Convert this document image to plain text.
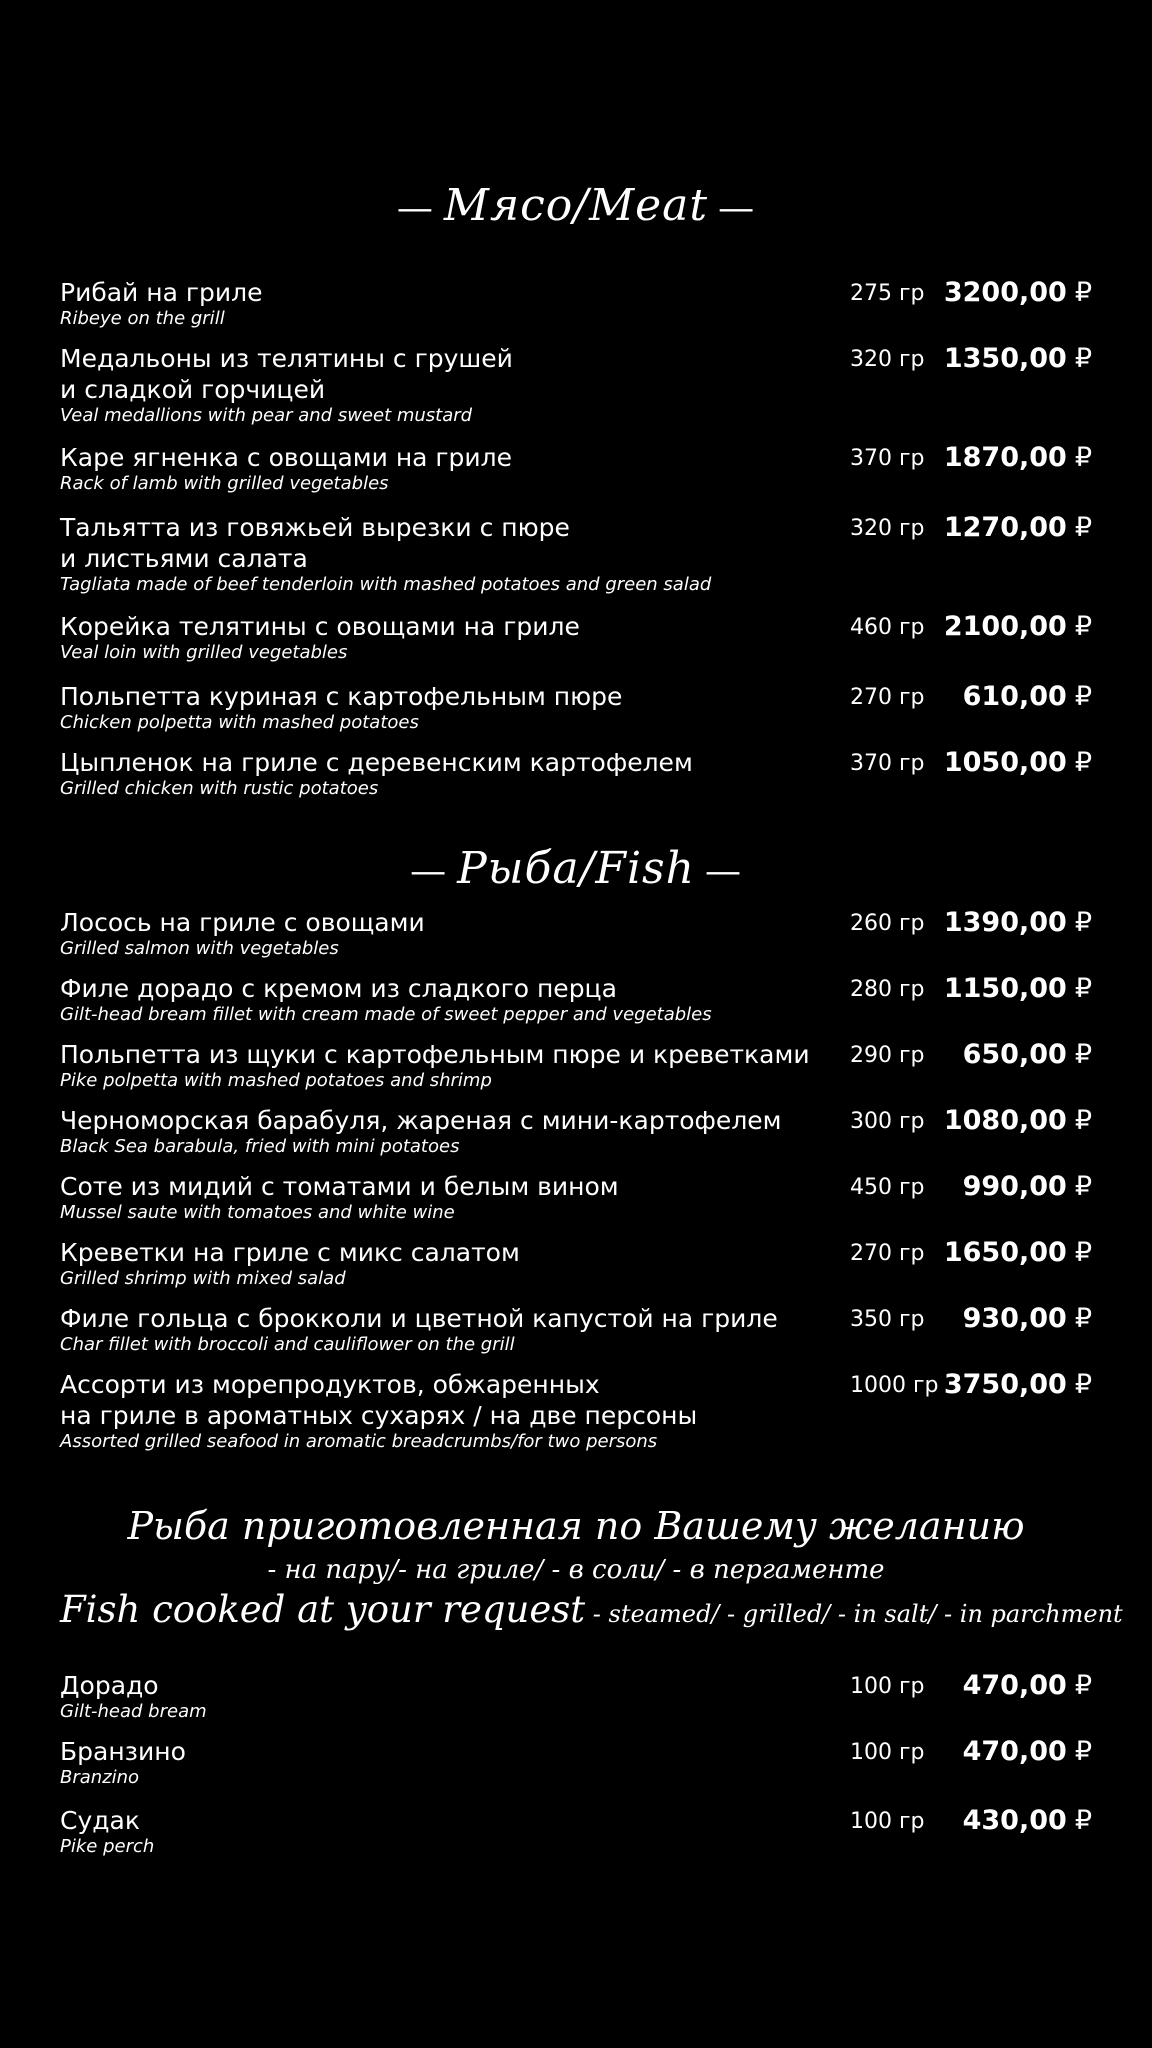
— Мясо/Meat —
Рибай на гриле
Ribeye on the grill
275 гр 3200,00 ₽
Медальоны из телятины с грушей
и сладкой горчицей
Veal medallions with pear and sweet mustard
320 гр 1350,00 ₽
Каре ягненка с овощами на гриле
Rack of lamb with grilled vegetables
370 гр 1870,00 ₽
Тальятта из говяжьей вырезки с пюре
и листьями салата
Tagliata made of beef tenderloin with mashed potatoes and green salad
320 гр 1270,00 ₽
Корейка телятины с овощами на гриле
Veal loin with grilled vegetables
460 гр 2100,00 ₽
Польпетта куриная с картофельным пюре
Chicken polpetta with mashed potatoes
270 гр	610,00 ₽
Цыпленок на гриле с деревенским картофелем
Grilled chicken with rustic potatoes
370 гр 1050,00 ₽
— Рыба/Fish —
Лосось на гриле с овощами
Grilled salmon with vegetables
260 гр 1390,00 ₽
Филе дорадо с кремом из сладкого перца
Gilt-head bream fillet with cream made of sweet pepper and vegetables
280 гр 1150,00 ₽
Польпетта из щуки с картофельным пюре и креветками
Pike polpetta with mashed potatoes and shrimp
290 гр	650,00 ₽
Черноморская барабуля, жареная с мини-картофелем
Black Sea barabula, fried with mini potatoes
300 гр 1080,00 ₽
Соте из мидий с томатами и белым вином
Mussel saute with tomatoes and white wine
450 гр	990,00 ₽
Креветки на гриле с микс салатом
Grilled shrimp with mixed salad
270 гр 1650,00 ₽
Филе гольца с брокколи и цветной капустой на гриле
Char fillet with broccoli and cauliflower on the grill
350 гр	930,00 ₽
Ассорти из морепродуктов, обжаренных
на гриле в ароматных сухарях / на две персоны
Assorted grilled seafood in aromatic breadcrumbs/for two persons
1000 гр 3750,00 ₽
Рыба приготовленная по Вашему желанию
- на пару/- на гриле/ - в соли/ - в пергаменте
Fish cooked at your request - steamed/ - grilled/ - in salt/ - in parchment
Дорадо
Gilt-head bream
100 гр	470,00 ₽
Бранзино
Branzino
100 гр	470,00 ₽
Судак
Pike perch
100 гр	430,00 ₽
